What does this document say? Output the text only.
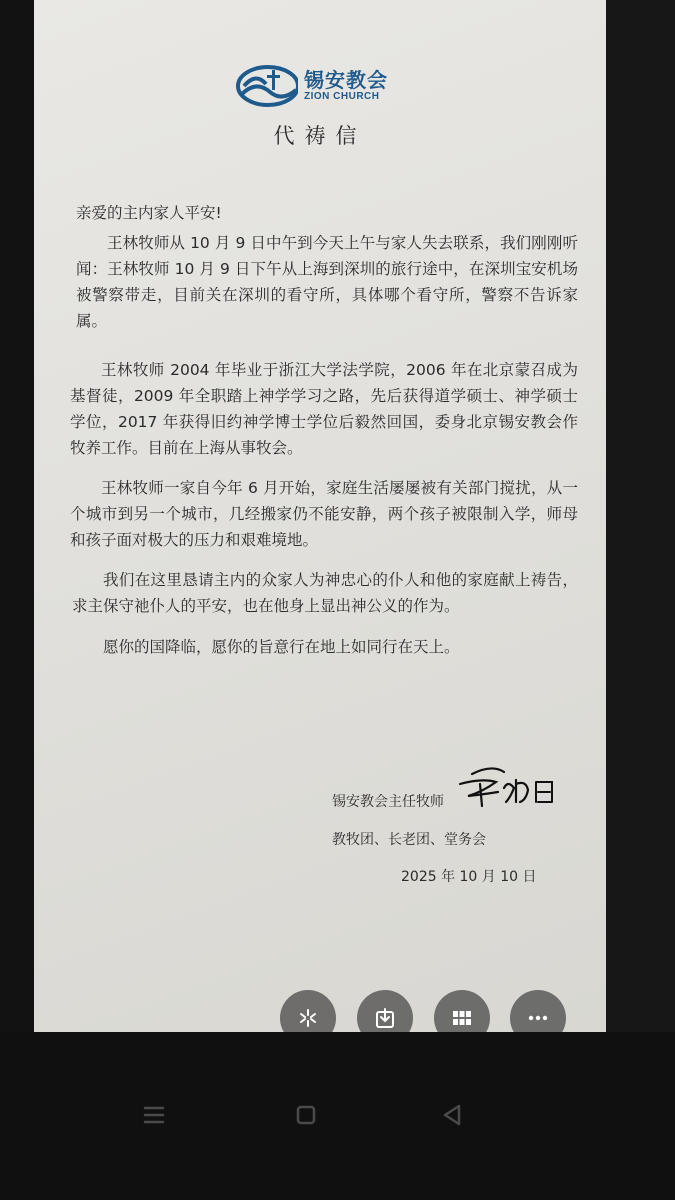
锡安教会
ZION CHURCH
代祷信
亲爱的主内家人平安!

王林牧师从 10 月 9 日中午到今天上午与家人失去联系，我们刚刚听闻：王林牧师 10 月 9 日下午从上海到深圳的旅行途中，在深圳宝安机场被警察带走，目前关在深圳的看守所，具体哪个看守所，警察不告诉家属。

王林牧师 2004 年毕业于浙江大学法学院，2006 年在北京蒙召成为基督徒，2009 年全职踏上神学学习之路，先后获得道学硕士、神学硕士学位，2017 年获得旧约神学博士学位后毅然回国，委身北京锡安教会作牧养工作。目前在上海从事牧会。

王林牧师一家自今年 6 月开始，家庭生活屡屡被有关部门搅扰，从一个城市到另一个城市，几经搬家仍不能安静，两个孩子被限制入学，师母和孩子面对极大的压力和艰难境地。

我们在这里恳请主内的众家人为神忠心的仆人和他的家庭献上祷告，求主保守祂仆人的平安，也在他身上显出神公义的作为。

愿你的国降临，愿你的旨意行在地上如同行在天上。

锡安教会主任牧师
教牧团、长老团、堂务会
2025 年 10 月 10 日
